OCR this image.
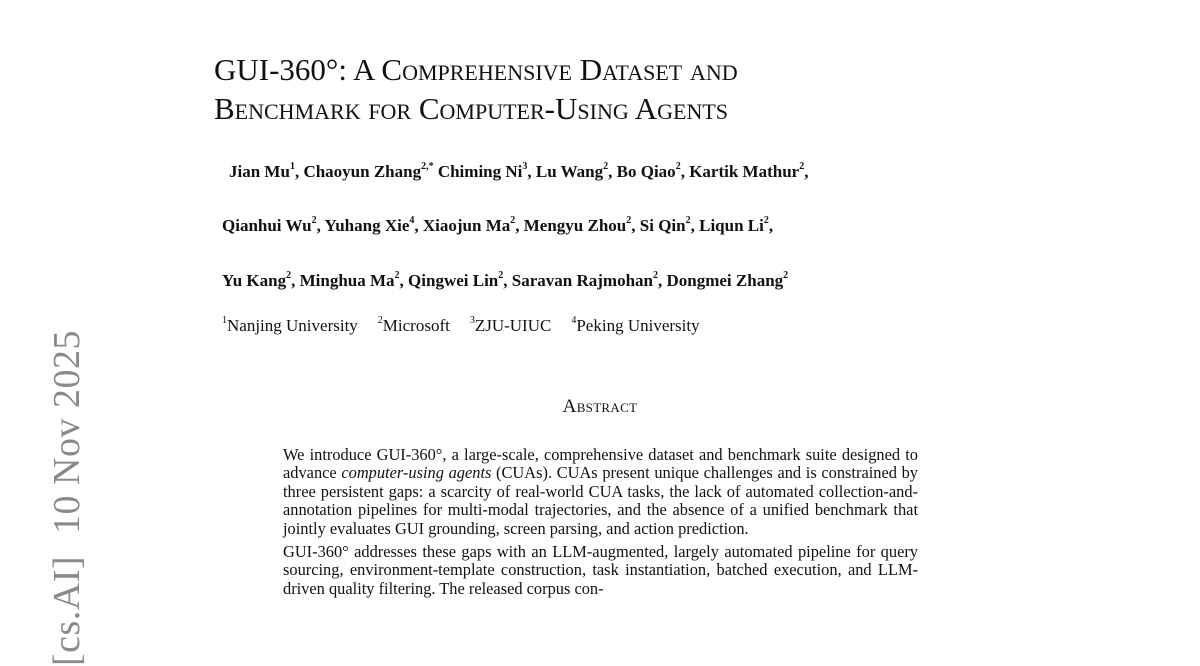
[cs.AI]10 Nov 2025
GUI-360°: A Comprehensive Dataset and
Benchmark for Computer-Using Agents
Jian Mu$^1$, Chaoyun Zhang$^{2,*}$ Chiming Ni$^3$, Lu Wang$^2$, Bo Qiao$^2$, Kartik Mathur$^2$,
Qianhui Wu$^2$, Yuhang Xie$^4$, Xiaojun Ma$^2$, Mengyu Zhou$^2$, Si Qin$^2$, Liqun Li$^2$,
Yu Kang$^2$, Minghua Ma$^2$, Qingwei Lin$^2$, Saravan Rajmohan$^2$, Dongmei Zhang$^2$
$^1$Nanjing University $^2$Microsoft $^3$ZJU-UIUC $^4$Peking University
Abstract

We introduce GUI-360°, a large-scale, comprehensive dataset and benchmark suite designed to advance computer-using agents (CUAs). CUAs present unique challenges and is constrained by three persistent gaps: a scarcity of real-world CUA tasks, the lack of automated collection-and-annotation pipelines for multi-modal trajectories, and the absence of a unified benchmark that jointly evaluates GUI grounding, screen parsing, and action prediction.

GUI-360° addresses these gaps with an LLM-augmented, largely automated pipeline for query sourcing, environment-template construction, task instantiation, batched execution, and LLM-driven quality filtering. The released corpus con-
